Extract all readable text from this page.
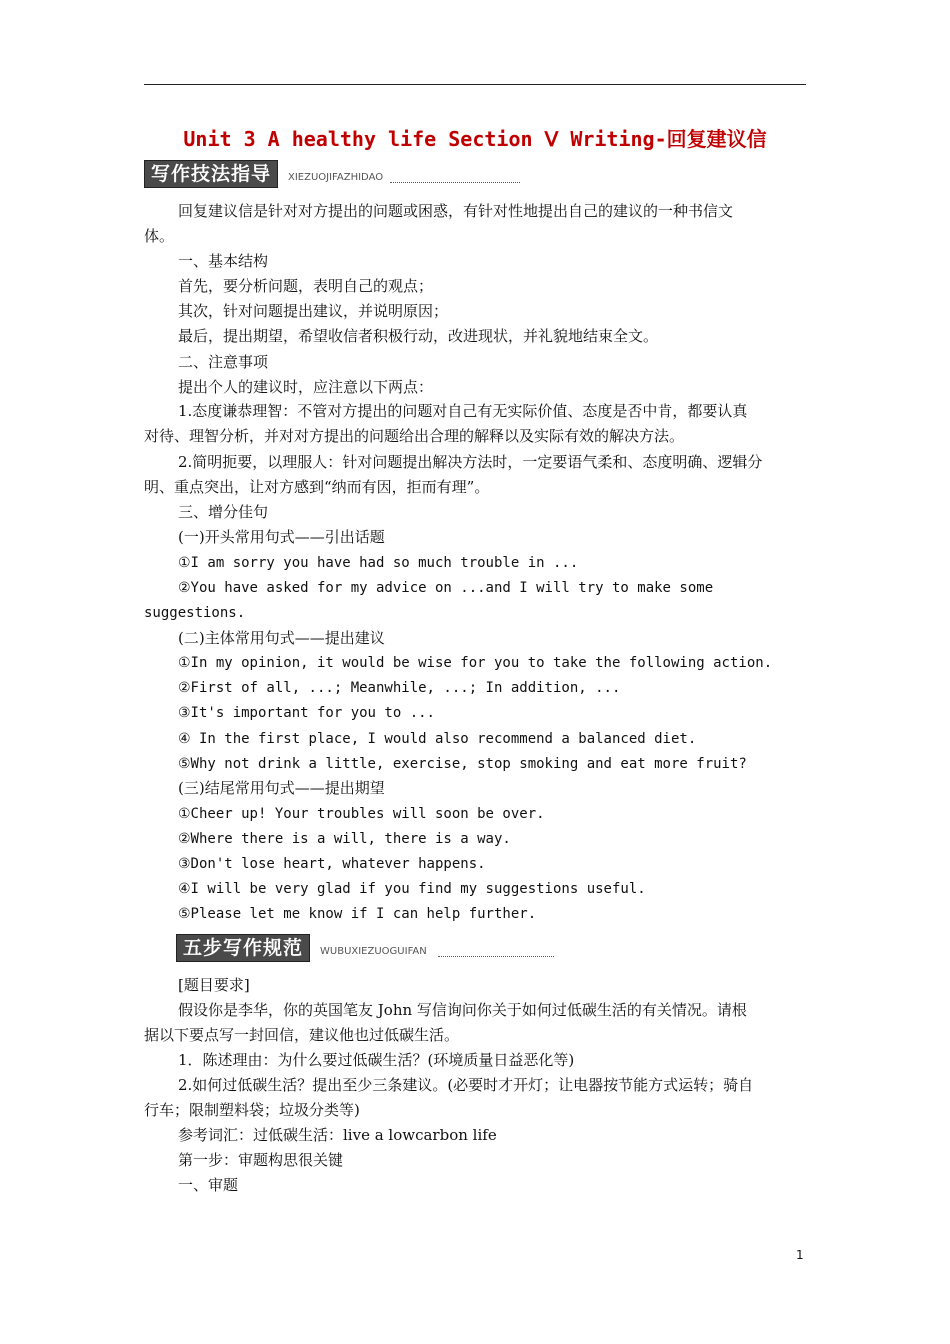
Unit 3 A healthy life Section Ⅴ Writing-回复建议信
写作技法指导	XIEZUOJIFAZHIDAO
回复建议信是针对对方提出的问题或困惑，有针对性地提出自己的建议的一种书信文
体。
一、基本结构
首先，要分析问题，表明自己的观点；
其次，针对问题提出建议，并说明原因；
最后，提出期望，希望收信者积极行动，改进现状，并礼貌地结束全文。
二、注意事项
提出个人的建议时，应注意以下两点：
1.态度谦恭理智：不管对方提出的问题对自己有无实际价值、态度是否中肯，都要认真
对待、理智分析，并对对方提出的问题给出合理的解释以及实际有效的解决方法。
2.简明扼要，以理服人：针对问题提出解决方法时，一定要语气柔和、态度明确、逻辑分
明、重点突出，让对方感到“纳而有因，拒而有理”。
三、增分佳句
(一)开头常用句式——引出话题
①I am sorry you have had so much trouble in ...
②You have asked for my advice on ...and I will try to make some
suggestions.
(二)主体常用句式——提出建议
①In my opinion, it would be wise for you to take the following action.
②First of all, ...; Meanwhile, ...; In addition, ...
③It's important for you to ...
④ In the first place, I would also recommend a balanced diet.
⑤Why not drink a little, exercise, stop smoking and eat more fruit?
(三)结尾常用句式——提出期望
①Cheer up! Your troubles will soon be over.
②Where there is a will, there is a way.
③Don't lose heart, whatever happens.
④I will be very glad if you find my suggestions useful.
⑤Please let me know if I can help further.
五步写作规范	WUBUXIEZUOGUIFAN
[题目要求]
假设你是李华，你的英国笔友 John 写信询问你关于如何过低碳生活的有关情况。请根
据以下要点写一封回信，建议他也过低碳生活。
1．陈述理由：为什么要过低碳生活？(环境质量日益恶化等)
2.如何过低碳生活？提出至少三条建议。(必要时才开灯；让电器按节能方式运转；骑自
行车；限制塑料袋；垃圾分类等)
参考词汇：过低碳生活：live a lowcarbon life
第一步：审题构思很关键
一、审题
1
